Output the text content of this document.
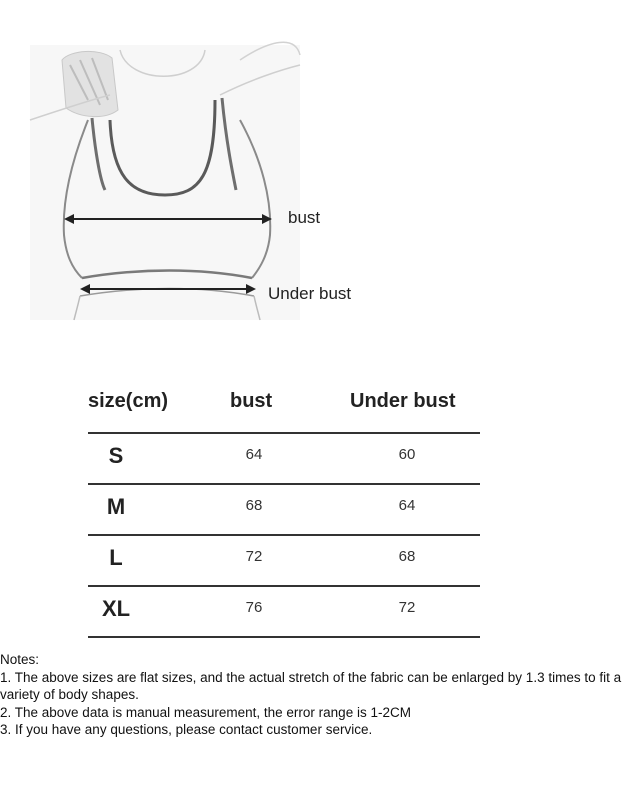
bust
Under bust
size(cm)	bust	Under bust
S	64	60
M	68	64
L	72	68
XL	76	72

Notes:

1. The above sizes are flat sizes, and the actual stretch of the fabric can be enlarged by 1.3 times to fit a variety of body shapes.

2. The above data is manual measurement, the error range is 1-2CM

3. If you have any questions, please contact customer service.
